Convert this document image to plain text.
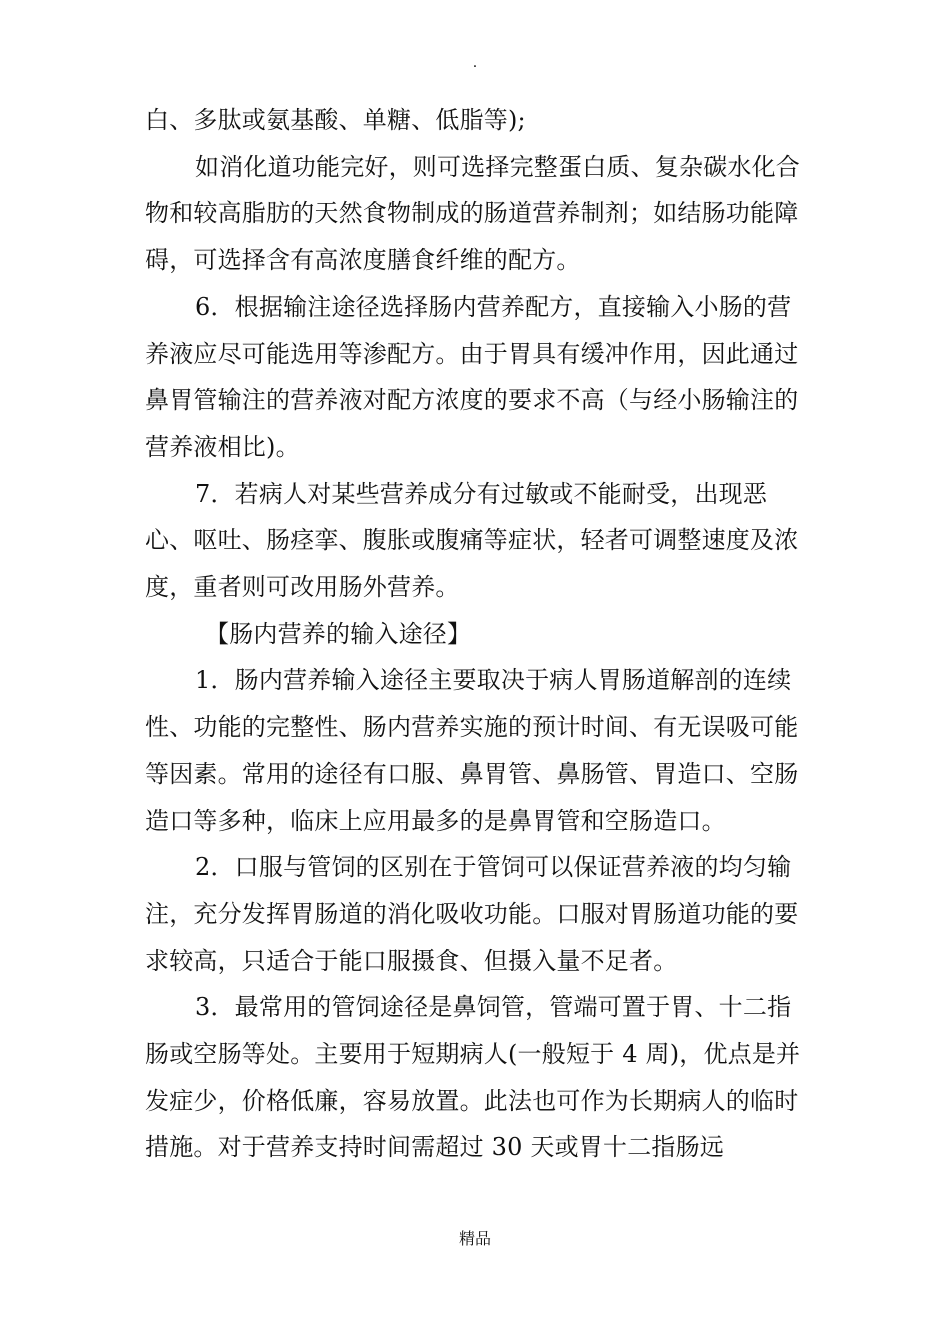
.

白、多肽或氨基酸、单糖、低脂等);

如消化道功能完好，则可选择完整蛋白质、复杂碳水化合物和较高脂肪的天然食物制成的肠道营养制剂；如结肠功能障碍，可选择含有高浓度膳食纤维的配方。

6．根据输注途径选择肠内营养配方，直接输入小肠的营养液应尽可能选用等渗配方。由于胃具有缓冲作用，因此通过鼻胃管输注的营养液对配方浓度的要求不高（与经小肠输注的营养液相比)。

7．若病人对某些营养成分有过敏或不能耐受，出现恶心、呕吐、肠痉挛、腹胀或腹痛等症状，轻者可调整速度及浓度，重者则可改用肠外营养。

【肠内营养的输入途径】

1．肠内营养输入途径主要取决于病人胃肠道解剖的连续性、功能的完整性、肠内营养实施的预计时间、有无误吸可能等因素。常用的途径有口服、鼻胃管、鼻肠管、胃造口、空肠造口等多种，临床上应用最多的是鼻胃管和空肠造口。

2．口服与管饲的区别在于管饲可以保证营养液的均匀输注，充分发挥胃肠道的消化吸收功能。口服对胃肠道功能的要求较高，只适合于能口服摄食、但摄入量不足者。

3．最常用的管饲途径是鼻饲管，管端可置于胃、十二指肠或空肠等处。主要用于短期病人(一般短于 4 周)，优点是并发症少，价格低廉，容易放置。此法也可作为长期病人的临时措施。对于营养支持时间需超过 30 天或胃十二指肠远

精品
